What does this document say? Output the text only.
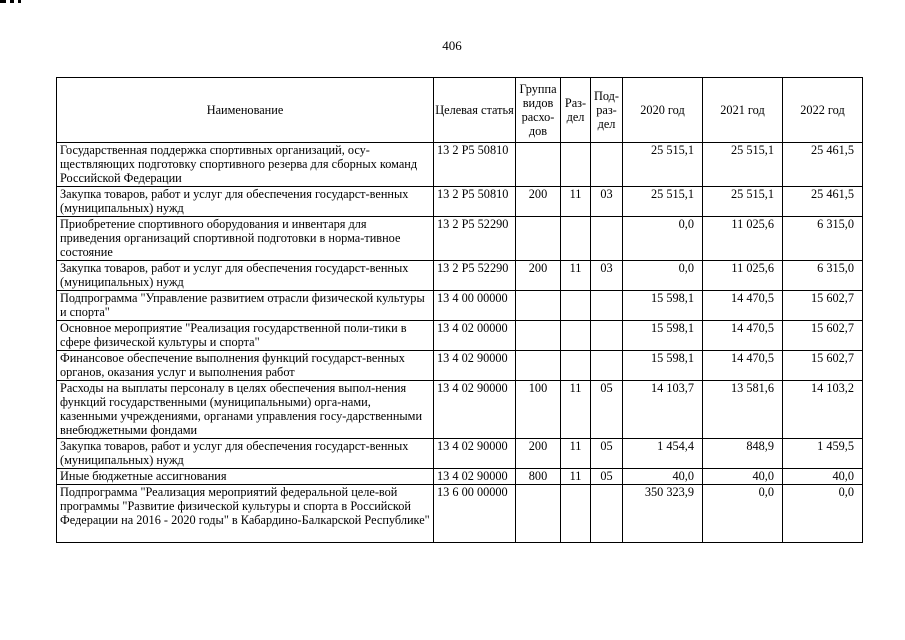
406
Наименование	Целевая статья	Группа видов расхо- дов	Раз- дел	Под- раз- дел	2020 год	2021 год	2022 год
Государственная поддержка спортивных организаций, осу-ществляющих подготовку спортивного резерва для сборных команд Российской Федерации	13 2 P5 50810				25 515,1	25 515,1	25 461,5
Закупка товаров, работ и услуг для обеспечения государст-венных (муниципальных) нужд	13 2 P5 50810	200	11	03	25 515,1	25 515,1	25 461,5
Приобретение спортивного оборудования и инвентаря для приведения организаций спортивной подготовки в норма-тивное состояние	13 2 P5 52290				0,0	11 025,6	6 315,0
Закупка товаров, работ и услуг для обеспечения государст-венных (муниципальных) нужд	13 2 P5 52290	200	11	03	0,0	11 025,6	6 315,0
Подпрограмма "Управление развитием отрасли физической культуры и спорта"	13 4 00 00000				15 598,1	14 470,5	15 602,7
Основное мероприятие "Реализация государственной поли-тики в сфере физической культуры и спорта"	13 4 02 00000				15 598,1	14 470,5	15 602,7
Финансовое обеспечение выполнения функций государст-венных органов, оказания услуг и выполнения работ	13 4 02 90000				15 598,1	14 470,5	15 602,7
Расходы на выплаты персоналу в целях обеспечения выпол-нения функций государственными (муниципальными) орга-нами, казенными учреждениями, органами управления госу-дарственными внебюджетными фондами	13 4 02 90000	100	11	05	14 103,7	13 581,6	14 103,2
Закупка товаров, работ и услуг для обеспечения государст-венных (муниципальных) нужд	13 4 02 90000	200	11	05	1 454,4	848,9	1 459,5
Иные бюджетные ассигнования	13 4 02 90000	800	11	05	40,0	40,0	40,0
Подпрограмма "Реализация мероприятий федеральной целе-вой программы "Развитие физической культуры и спорта в Российской Федерации на 2016 - 2020 годы" в Кабардино-Балкарской Республике"	13 6 00 00000				350 323,9	0,0	0,0
